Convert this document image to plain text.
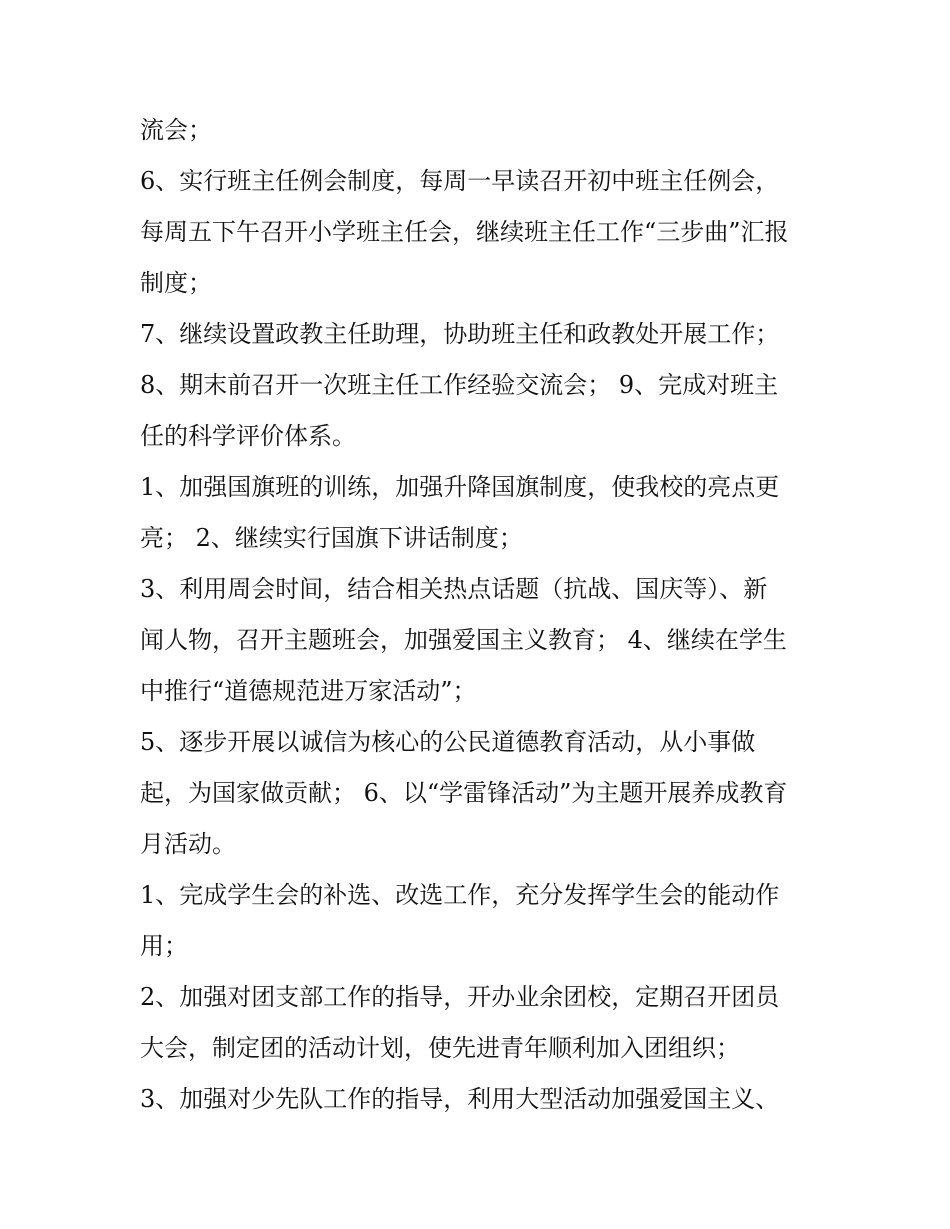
流会；
6、实行班主任例会制度，每周一早读召开初中班主任例会，
每周五下午召开小学班主任会，继续班主任工作“三步曲”汇报
制度；
7、继续设置政教主任助理，协助班主任和政教处开展工作；
8、期末前召开一次班主任工作经验交流会； 9、完成对班主
任的科学评价体系。
1、加强国旗班的训练，加强升降国旗制度，使我校的亮点更
亮； 2、继续实行国旗下讲话制度；
3、利用周会时间，结合相关热点话题（抗战、国庆等）、新
闻人物，召开主题班会，加强爱国主义教育； 4、继续在学生
中推行“道德规范进万家活动”；
5、逐步开展以诚信为核心的公民道德教育活动，从小事做
起，为国家做贡献； 6、以“学雷锋活动”为主题开展养成教育
月活动。
1、完成学生会的补选、改选工作，充分发挥学生会的能动作
用；
2、加强对团支部工作的指导，开办业余团校，定期召开团员
大会，制定团的活动计划，使先进青年顺利加入团组织；
3、加强对少先队工作的指导，利用大型活动加强爱国主义、
